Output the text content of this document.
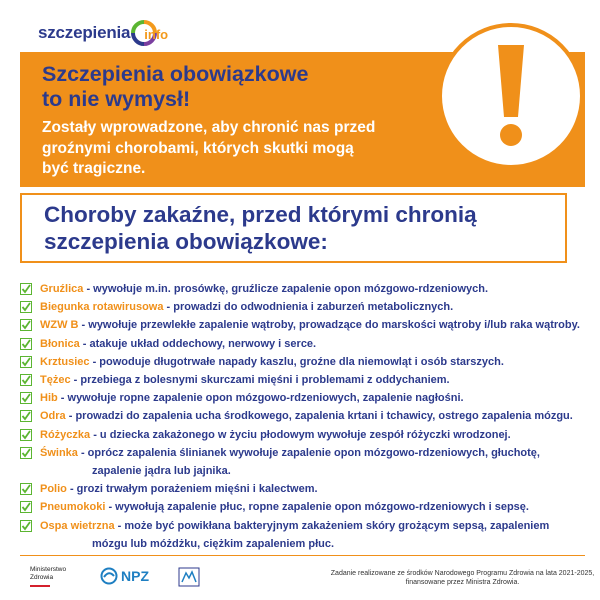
szczepienia info
Szczepienia obowiązkowe
to nie wymysł!
Zostały wprowadzone, aby chronić nas przed
groźnymi chorobami, których skutki mogą
być tragiczne.
Choroby zakaźne, przed którymi chronią
szczepienia obowiązkowe:
Gruźlica - wywołuje m.in. prosówkę, gruźlicze zapalenie opon mózgowo-rdzeniowych.
Biegunka rotawirusowa - prowadzi do odwodnienia i zaburzeń metabolicznych.
WZW B - wywołuje przewlekłe zapalenie wątroby, prowadzące do marskości wątroby i/lub raka wątroby.
Błonica - atakuje układ oddechowy, nerwowy i serce.
Krztusiec - powoduje długotrwałe napady kaszlu, groźne dla niemowląt i osób starszych.
Tężec - przebiega z bolesnymi skurczami mięśni i problemami z oddychaniem.
Hib - wywołuje ropne zapalenie opon mózgowo-rdzeniowych, zapalenie nagłośni.
Odra - prowadzi do zapalenia ucha środkowego, zapalenia krtani i tchawicy, ostrego zapalenia mózgu.
Różyczka - u dziecka zakażonego w życiu płodowym wywołuje zespół różyczki wrodzonej.
Świnka - oprócz zapalenia ślinianek wywołuje zapalenie opon mózgowo-rdzeniowych, głuchotę,
zapalenie jądra lub jajnika.
Polio - grozi trwałym porażeniem mięśni i kalectwem.
Pneumokoki - wywołują zapalenie płuc, ropne zapalenie opon mózgowo-rdzeniowych i sepsę.
Ospa wietrzna - może być powikłana bakteryjnym zakażeniem skóry grożącym sepsą, zapaleniem
mózgu lub móżdżku, ciężkim zapaleniem płuc.
Ministerstwo
Zdrowia	NPZ	Zadanie realizowane ze środków Narodowego Programu Zdrowia na lata 2021-2025,
finansowane przez Ministra Zdrowia.
